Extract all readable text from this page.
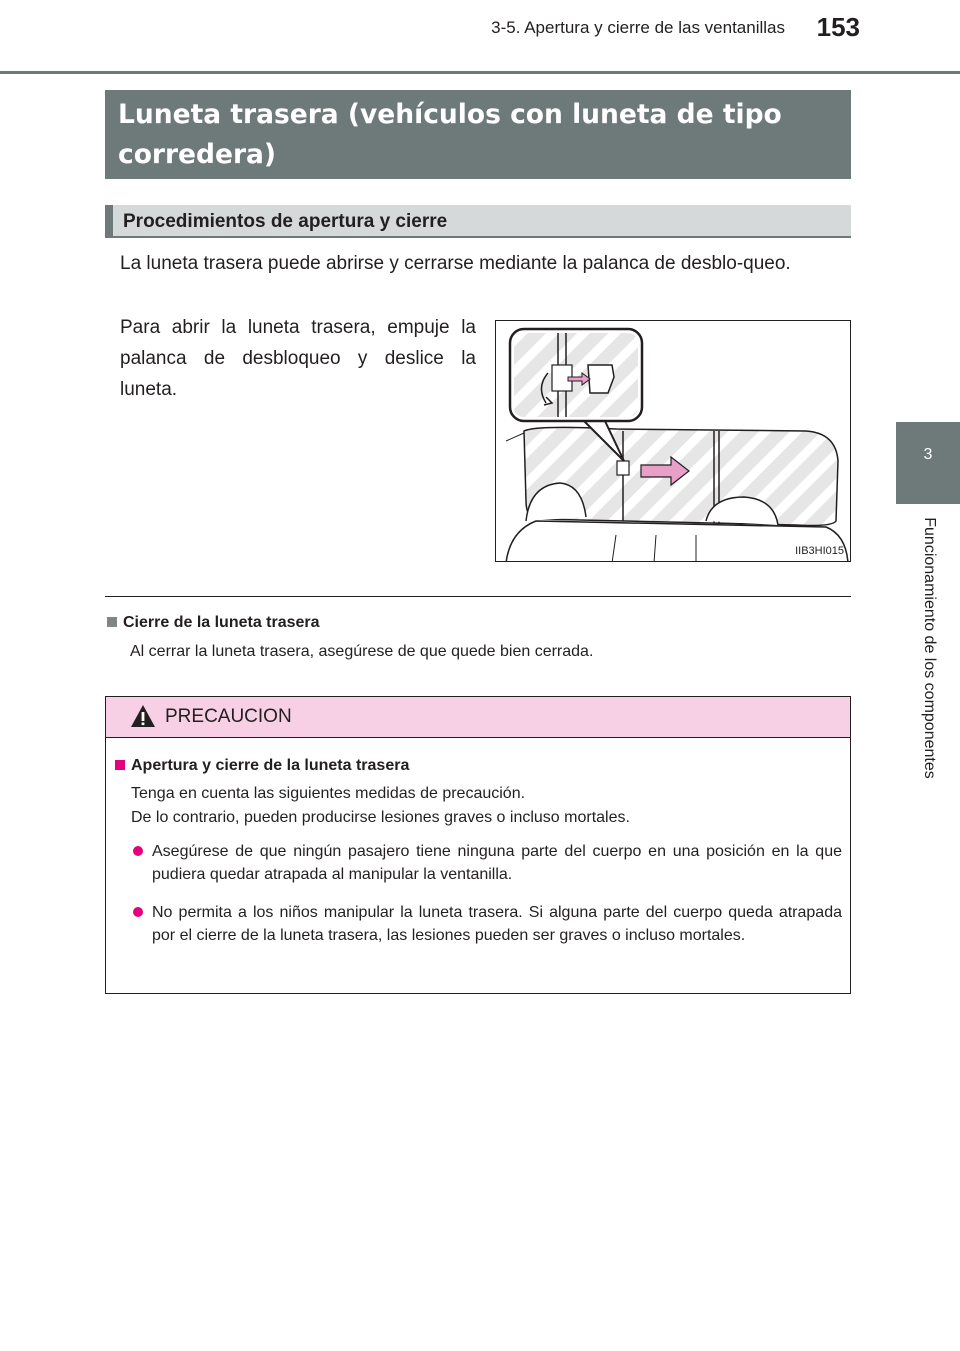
3-5. Apertura y cierre de las ventanillas	153
3
Funcionamiento de los componentes
Luneta trasera (vehículos con luneta de tipo corredera)
Procedimientos de apertura y cierre
La luneta trasera puede abrirse y cerrarse mediante la palanca de desblo-queo.
Para abrir la luneta trasera, empuje la palanca de desbloqueo y deslice la luneta.
IIB3HI015
Cierre de la luneta trasera
Al cerrar la luneta trasera, asegúrese de que quede bien cerrada.
PRECAUCION
Apertura y cierre de la luneta trasera
Tenga en cuenta las siguientes medidas de precaución.
De lo contrario, pueden producirse lesiones graves o incluso mortales.
Asegúrese de que ningún pasajero tiene ninguna parte del cuerpo en una posición en la que pudiera quedar atrapada al manipular la ventanilla.
No permita a los niños manipular la luneta trasera. Si alguna parte del cuerpo queda atrapada por el cierre de la luneta trasera, las lesiones pueden ser graves o incluso mortales.
